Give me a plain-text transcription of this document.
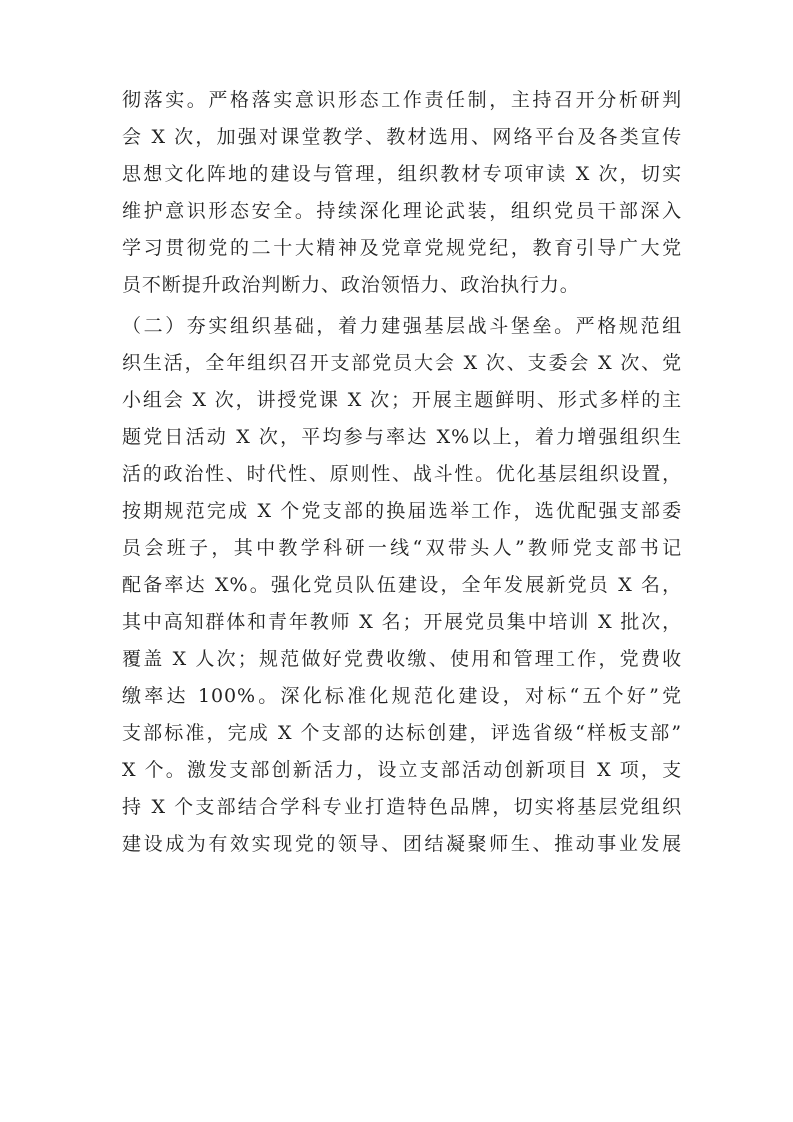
彻落实。严格落实意识形态工作责任制，主持召开分析研判
会 X 次，加强对课堂教学、教材选用、网络平台及各类宣传
思想文化阵地的建设与管理，组织教材专项审读 X 次，切实
维护意识形态安全。持续深化理论武装，组织党员干部深入
学习贯彻党的二十大精神及党章党规党纪，教育引导广大党
员不断提升政治判断力、政治领悟力、政治执行力。
（二）夯实组织基础，着力建强基层战斗堡垒。严格规范组
织生活，全年组织召开支部党员大会 X 次、支委会 X 次、党
小组会 X 次，讲授党课 X 次；开展主题鲜明、形式多样的主
题党日活动 X 次，平均参与率达 X%以上，着力增强组织生
活的政治性、时代性、原则性、战斗性。优化基层组织设置，
按期规范完成 X 个党支部的换届选举工作，选优配强支部委
员会班子，其中教学科研一线“双带头人”教师党支部书记
配备率达 X%。强化党员队伍建设，全年发展新党员 X 名，
其中高知群体和青年教师 X 名；开展党员集中培训 X 批次，
覆盖 X 人次；规范做好党费收缴、使用和管理工作，党费收
缴率达 100%。深化标准化规范化建设，对标“五个好”党
支部标准，完成 X 个支部的达标创建，评选省级“样板支部”
X 个。激发支部创新活力，设立支部活动创新项目 X 项，支
持 X 个支部结合学科专业打造特色品牌，切实将基层党组织
建设成为有效实现党的领导、团结凝聚师生、推动事业发展
